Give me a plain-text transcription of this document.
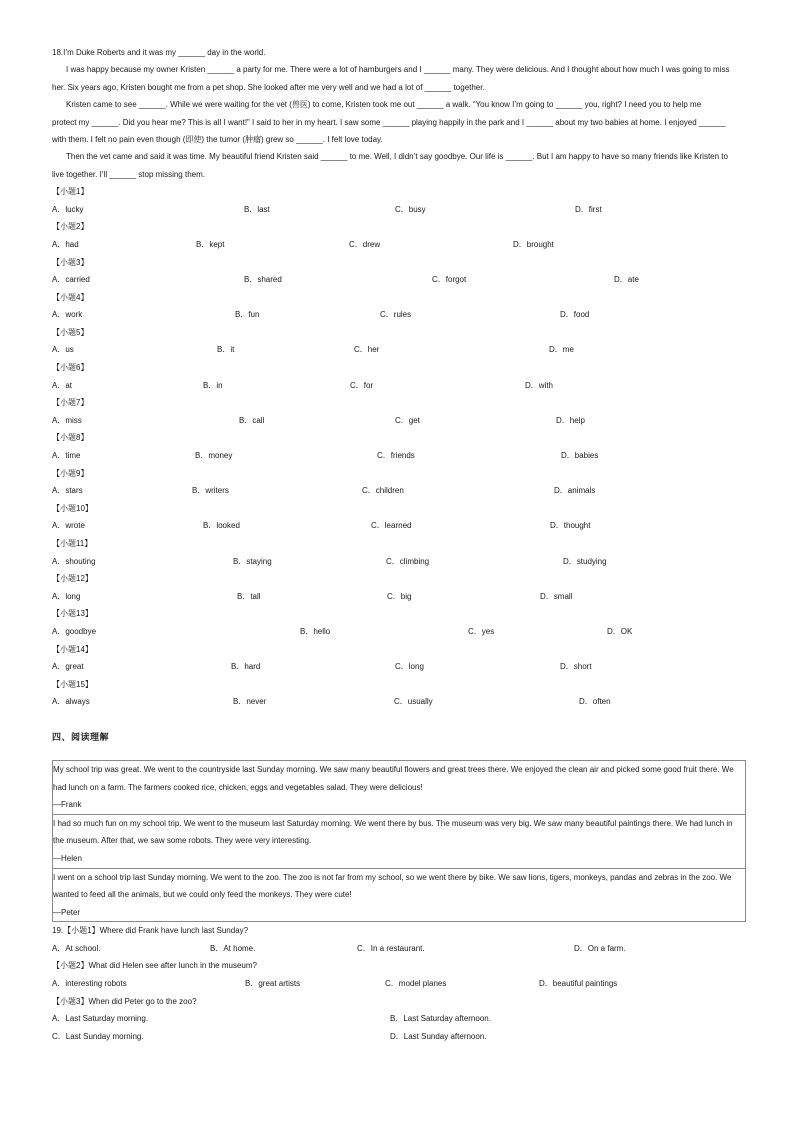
18.I’m Duke Roberts and it was my ______ day in the world.

I was happy because my owner Kristen ______ a party for me. There were a lot of hamburgers and I ______ many. They were delicious. And I thought about how much I was going to miss

her. Six years ago, Kristen bought me from a pet shop. She looked after me very well and we had a lot of ______ together.

Kristen came to see ______. While we were waiting for the vet (兽医) to come, Kristen took me out ______ a walk. “You know I’m going to ______ you, right? I need you to help me

protect my ______. Did you hear me? This is all I want!” I said to her in my heart. I saw some ______ playing happily in the park and I ______ about my two babies at home. I enjoyed ______

with them. I felt no pain even though (即使) the tumor (肿瘤) grew so ______. I felt love today.

Then the vet came and said it was time. My beautiful friend Kristen said ______ to me. Well, I didn’t say goodbye. Our life is ______. But I am happy to have so many friends like Kristen to

live together. I’ll ______ stop missing them.

【小题1】
A．lucky	B．last	C．busy	D．first
【小题2】
A．had	B．kept	C．drew	D．brought
【小题3】
A．carried	B．shared	C．forgot	D．ate
【小题4】
A．work	B．fun	C．rules	D．food
【小题5】
A．us	B．it	C．her	D．me
【小题6】
A．at	B．in	C．for	D．with
【小题7】
A．miss	B．call	C．get	D．help
【小题8】
A．time	B．money	C．friends	D．babies
【小题9】
A．stars	B．writers	C．children	D．animals
【小题10】
A．wrote	B．looked	C．learned	D．thought
【小题11】
A．shouting	B．staying	C．climbing	D．studying
【小题12】
A．long	B．tall	C．big	D．small
【小题13】
A．goodbye	B．hello	C．yes	D．OK
【小题14】
A．great	B．hard	C．long	D．short
【小题15】
A．always	B．never	C．usually	D．often
四、阅读理解

My school trip was great. We went to the countryside last Sunday morning. We saw many beautiful flowers and great trees there. We enjoyed the clean air and picked some good fruit there. We

had lunch on a farm. The farmers cooked rice, chicken, eggs and vegetables salad. They were delicious!

—Frank

I had so much fun on my school trip. We went to the museum last Saturday morning. We went there by bus. The museum was very big. We saw many beautiful paintings there. We had lunch in

the museum. After that, we saw some robots. They were very interesting.

—Helen

I went on a school trip last Sunday morning. We went to the zoo. The zoo is not far from my school, so we went there by bike. We saw lions, tigers, monkeys, pandas and zebras in the zoo. We

wanted to feed all the animals, but we could only feed the monkeys. They were cute!

—Peter

19.【小题1】Where did Frank have lunch last Sunday?
A．At school.	B．At home.	C．In a restaurant.	D．On a farm.
【小题2】What did Helen see after lunch in the museum?
A．interesting robots	B．great artists	C．model planes	D．beautiful paintings
【小题3】When did Peter go to the zoo?
A．Last Saturday morning.	B．Last Saturday afternoon.
C．Last Sunday morning.	D．Last Sunday afternoon.
